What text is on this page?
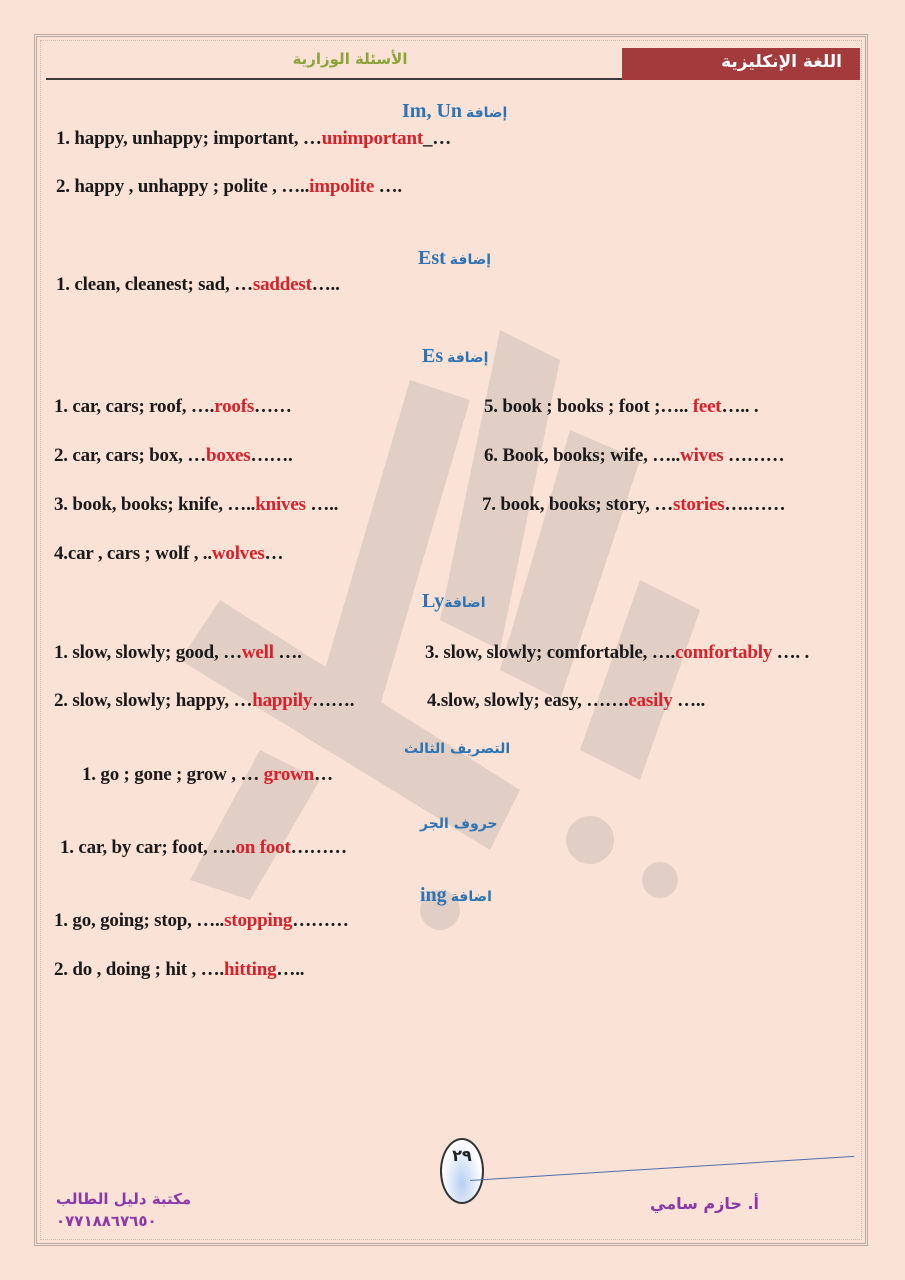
اللغة الإنكليزية
الأسئلة الوزارية
Im, Un إضافة
1. happy, unhappy; important, …unimportant_…
2. happy , unhappy ; polite , …..impolite ….
Est إضافة
1. clean, cleanest; sad, …saddest…..
Es إضافة
1. car, cars; roof, ….roofs……
2. car, cars; box, …boxes…….
3. book, books; knife, …..knives …..
4.car , cars ; wolf , ..wolves…
5. book ; books ; foot ;….. feet….. .
6. Book, books; wife, …..wives ………
7. book, books; story, …stories….……
Lyاضافة
1. slow, slowly; good, …well ….
2. slow, slowly; happy, …happily…….
3. slow, slowly; comfortable, ….comfortably …. .
4.slow, slowly; easy, …….easily …..
التصريف الثالث
1. go ; gone ; grow , … grown…
حروف الجر
1. car, by car; foot, ….on foot………
ing اضافة
1. go, going; stop, …..stopping………
2. do , doing ; hit , ….hitting…..
٢٩
مكتبة دليل الطالب
٠٧٧١٨٨٦٧٦٥٠
أ. حازم سامي
